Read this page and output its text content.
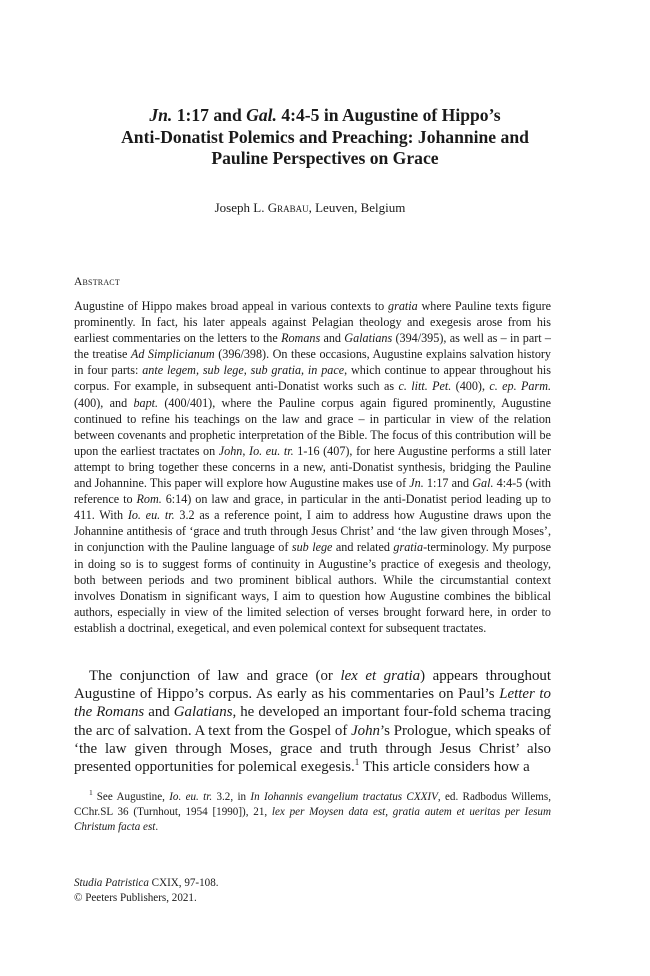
Jn. 1:17 and Gal. 4:4-5 in Augustine of Hippo’s
Anti-Donatist Polemics and Preaching: Johannine and
Pauline Perspectives on Grace
Joseph L. Grabau, Leuven, Belgium
Abstract

Augustine of Hippo makes broad appeal in various contexts to gratia where Pauline texts figure prominently. In fact, his later appeals against Pelagian theology and exegesis arose from his earliest commentaries on the letters to the Romans and Galatians (394/395), as well as – in part – the treatise Ad Simplicianum (396/398). On these occasions, Augustine explains salvation history in four parts: ante legem, sub lege, sub gratia, in pace, which continue to appear throughout his corpus. For example, in subsequent anti-Donatist works such as c. litt. Pet. (400), c. ep. Parm. (400), and bapt. (400/401), where the Pauline corpus again figured prominently, Augustine continued to refine his teachings on the law and grace – in particular in view of the relation between covenants and prophetic interpretation of the Bible. The focus of this contribution will be upon the earliest tractates on John, Io. eu. tr. 1-16 (407), for here Augustine performs a still later attempt to bring together these concerns in a new, anti-Donatist synthesis, bridging the Pauline and Johannine. This paper will explore how Augustine makes use of Jn. 1:17 and Gal. 4:4-5 (with reference to Rom. 6:14) on law and grace, in particular in the anti-Donatist period leading up to 411. With Io. eu. tr. 3.2 as a reference point, I aim to address how Augustine draws upon the Johannine antithesis of ‘grace and truth through Jesus Christ’ and ‘the law given through Moses’, in conjunction with the Pauline language of sub lege and related gratia-terminology. My purpose in doing so is to suggest forms of continuity in Augustine’s practice of exegesis and theology, both between periods and two prominent biblical authors. While the circumstantial context involves Donatism in significant ways, I aim to question how Augustine combines the biblical authors, especially in view of the limited selection of verses brought forward here, in order to establish a doctrinal, exegetical, and even polemical context for subsequent tractates.

The conjunction of law and grace (or lex et gratia) appears throughout Augustine of Hippo’s corpus. As early as his commentaries on Paul’s Letter to the Romans and Galatians, he developed an important four-fold schema tracing the arc of salvation. A text from the Gospel of John’s Prologue, which speaks of ‘the law given through Moses, grace and truth through Jesus Christ’ also presented opportunities for polemical exegesis.$^1$ This article considers how a

$^1$ See Augustine, Io. eu. tr. 3.2, in In Iohannis evangelium tractatus CXXIV, ed. Radbodus Willems, CChr.SL 36 (Turnhout, 1954 [1990]), 21, lex per Moysen data est, gratia autem et ueritas per Iesum Christum facta est.

Studia Patristica CXIX, 97-108.
© Peeters Publishers, 2021.
